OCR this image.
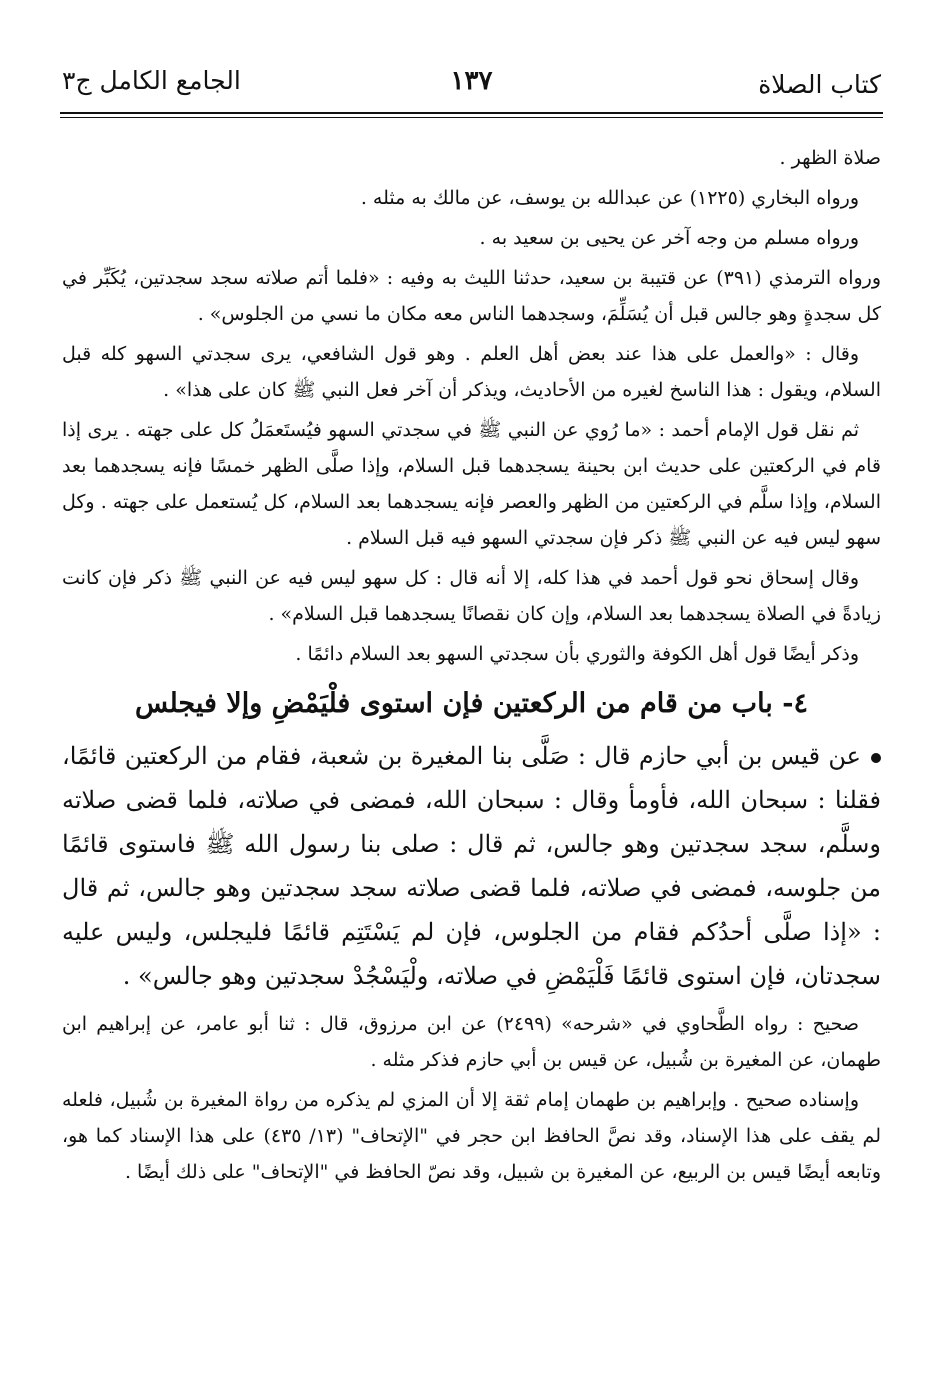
كتاب الصلاة
١٣٧
الجامع الكامل ج٣

صلاة الظهر .

ورواه البخاري (١٢٢٥) عن عبدالله بن يوسف، عن مالك به مثله .

ورواه مسلم من وجه آخر عن يحيى بن سعيد به .

ورواه الترمذي (٣٩١) عن قتيبة بن سعيد، حدثنا الليث به وفيه : «فلما أتم صلاته سجد سجدتين، يُكَبِّر في كل سجدةٍ وهو جالس قبل أن يُسَلِّمَ، وسجدهما الناس معه مكان ما نسي من الجلوس» .

وقال : «والعمل على هذا عند بعض أهل العلم . وهو قول الشافعي، يرى سجدتي السهو كله قبل السلام، ويقول : هذا الناسخ لغيره من الأحاديث، ويذكر أن آخر فعل النبي ﷺ كان على هذا» .

ثم نقل قول الإمام أحمد : «ما رُوي عن النبي ﷺ في سجدتي السهو فيُستَعمَلُ كل على جهته . يرى إذا قام في الركعتين على حديث ابن بحينة يسجدهما قبل السلام، وإذا صلَّى الظهر خمسًا فإنه يسجدهما بعد السلام، وإذا سلَّم في الركعتين من الظهر والعصر فإنه يسجدهما بعد السلام، كل يُستعمل على جهته . وكل سهو ليس فيه عن النبي ﷺ ذكر فإن سجدتي السهو فيه قبل السلام .

وقال إسحاق نحو قول أحمد في هذا كله، إلا أنه قال : كل سهو ليس فيه عن النبي ﷺ ذكر فإن كانت زيادةً في الصلاة يسجدهما بعد السلام، وإن كان نقصانًا يسجدهما قبل السلام» .

وذكر أيضًا قول أهل الكوفة والثوري بأن سجدتي السهو بعد السلام دائمًا .

٤- باب من قام من الركعتين فإن استوى فلْيَمْضِ وإلا فيجلس
عن قيس بن أبي حازم قال : صَلَّى بنا المغيرة بن شعبة، فقام من الركعتين قائمًا، فقلنا : سبحان الله، فأومأ وقال : سبحان الله، فمضى في صلاته، فلما قضى صلاته وسلَّم، سجد سجدتين وهو جالس، ثم قال : صلى بنا رسول الله ﷺ فاستوى قائمًا من جلوسه، فمضى في صلاته، فلما قضى صلاته سجد سجدتين وهو جالس، ثم قال : «إذا صلَّى أحدُكم فقام من الجلوس، فإن لم يَسْتَتِم قائمًا فليجلس، وليس عليه سجدتان، فإن استوى قائمًا فَلْيَمْضِ في صلاته، ولْيَسْجُدْ سجدتين وهو جالس» .

صحيح : رواه الطَّحاوي في «شرحه» (٢٤٩٩) عن ابن مرزوق، قال : ثنا أبو عامر، عن إبراهيم ابن طهمان، عن المغيرة بن شُبيل، عن قيس بن أبي حازم فذكر مثله .

وإسناده صحيح . وإبراهيم بن طهمان إمام ثقة إلا أن المزي لم يذكره من رواة المغيرة بن شُبيل، فلعله لم يقف على هذا الإسناد، وقد نصَّ الحافظ ابن حجر في "الإتحاف" (١٣/ ٤٣٥) على هذا الإسناد كما هو، وتابعه أيضًا قيس بن الربيع، عن المغيرة بن شبيل، وقد نصّ الحافظ في "الإتحاف" على ذلك أيضًا .
